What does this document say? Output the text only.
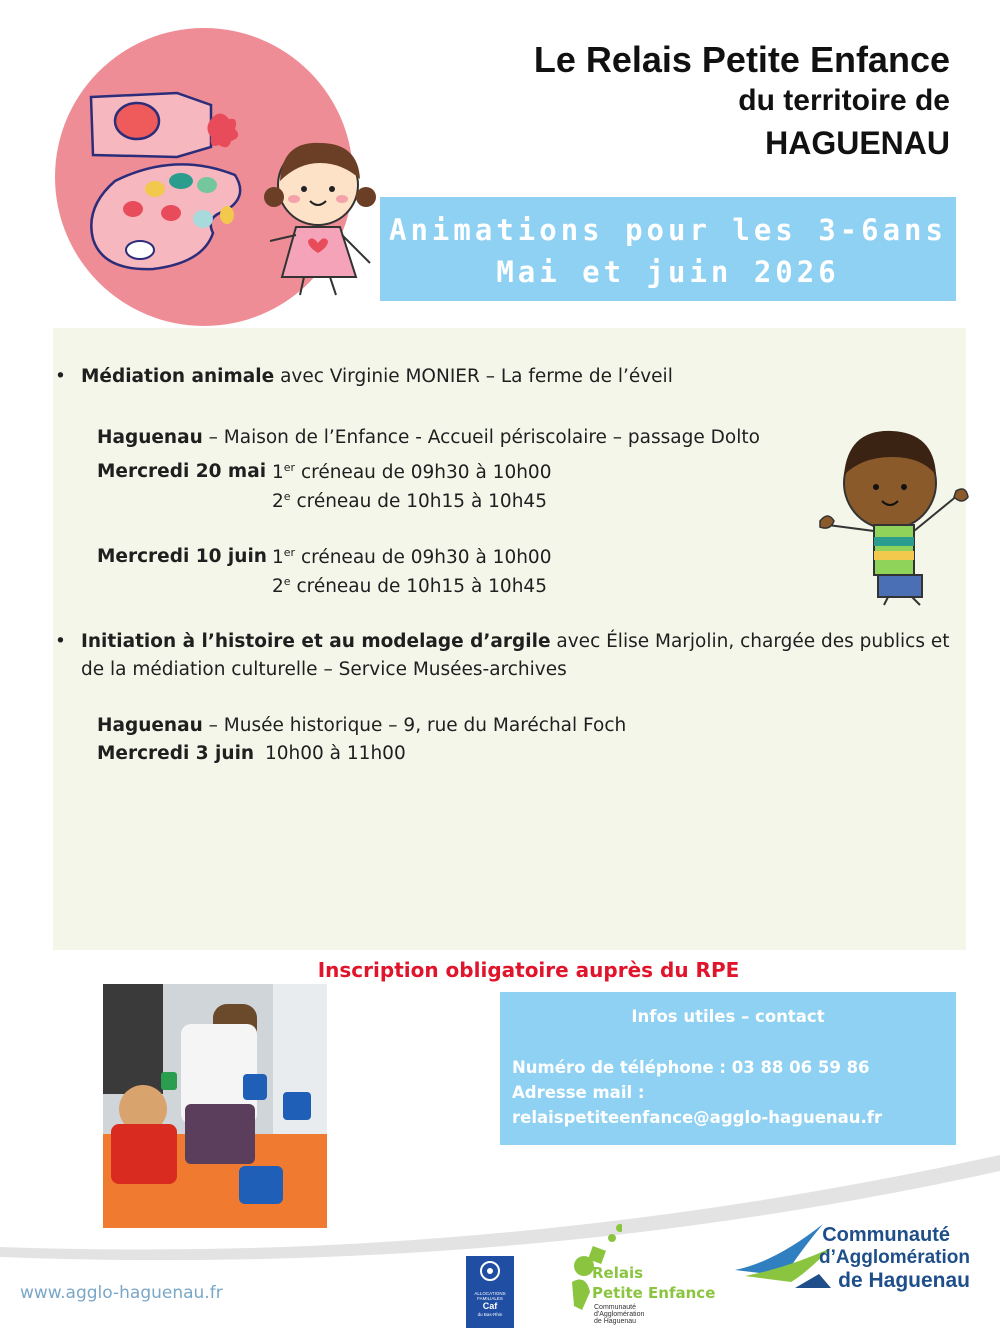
Le Relais Petite Enfance
du territoire de
HAGUENAU
Animations pour les 3-6ans
Mai et juin 2026
• Médiation animale avec Virginie MONIER – La ferme de l’éveil
Haguenau – Maison de l’Enfance - Accueil périscolaire – passage Dolto
Mercredi 20 mai 1er créneau de 09h30 à 10h00
2e créneau de 10h15 à 10h45
Mercredi 10 juin 1er créneau de 09h30 à 10h00
2e créneau de 10h15 à 10h45
• Initiation à l’histoire et au modelage d’argile avec Élise Marjolin, chargée des publics et
de la médiation culturelle – Service Musées-archives
Haguenau – Musée historique – 9, rue du Maréchal Foch
Mercredi 3 juin 10h00 à 11h00
Inscription obligatoire auprès du RPE
Infos utiles – contact
Numéro de téléphone : 03 88 06 59 86
Adresse mail :
relaispetiteenfance@agglo-haguenau.fr
www.agglo-haguenau.fr	ALLOCATIONS FAMILIALES
Caf
du Bas-Rhin
Relais
Petite Enfance
Communauté
d'Agglomération
de Haguenau
Communauté
d’Agglomération
de Haguenau
